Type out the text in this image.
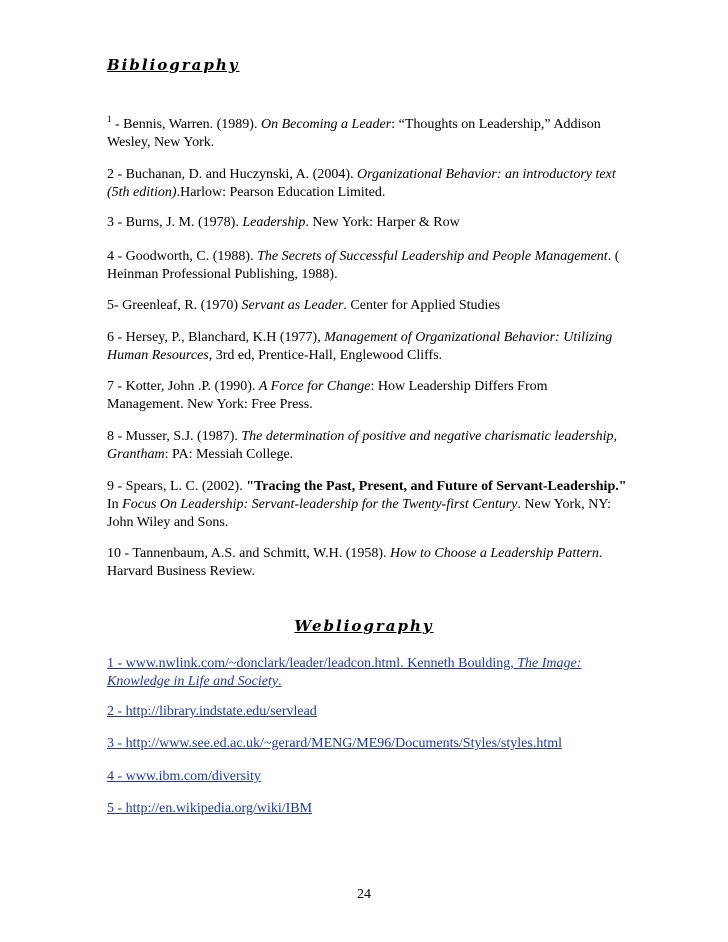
Bibliography
$^1$ - Bennis, Warren. (1989). On Becoming a Leader: “Thoughts on Leadership,” Addison Wesley, New York.
2 - Buchanan, D. and Huczynski, A. (2004). Organizational Behavior: an introductory text (5th edition).Harlow: Pearson Education Limited.
3 - Burns, J. M. (1978). Leadership. New York: Harper & Row
4 - Goodworth, C. (1988). The Secrets of Successful Leadership and People Management. ( Heinman Professional Publishing, 1988).
5- Greenleaf, R. (1970) Servant as Leader. Center for Applied Studies
6 - Hersey, P., Blanchard, K.H (1977), Management of Organizational Behavior: Utilizing Human Resources, 3rd ed, Prentice-Hall, Englewood Cliffs.
7 - Kotter, John .P. (1990). A Force for Change: How Leadership Differs From Management. New York: Free Press.
8 - Musser, S.J. (1987). The determination of positive and negative charismatic leadership, Grantham: PA: Messiah College.
9 - Spears, L. C. (2002). "Tracing the Past, Present, and Future of Servant-Leadership." In Focus On Leadership: Servant-leadership for the Twenty-first Century. New York, NY: John Wiley and Sons.
10 - Tannenbaum, A.S. and Schmitt, W.H. (1958). How to Choose a Leadership Pattern. Harvard Business Review.
Webliography
1 - www.nwlink.com/~donclark/leader/leadcon.html. Kenneth Boulding, The Image: Knowledge in Life and Society.
2 - http://library.indstate.edu/servlead
3 - http://www.see.ed.ac.uk/~gerard/MENG/ME96/Documents/Styles/styles.html
4 - www.ibm.com/diversity
5 - http://en.wikipedia.org/wiki/IBM
24
